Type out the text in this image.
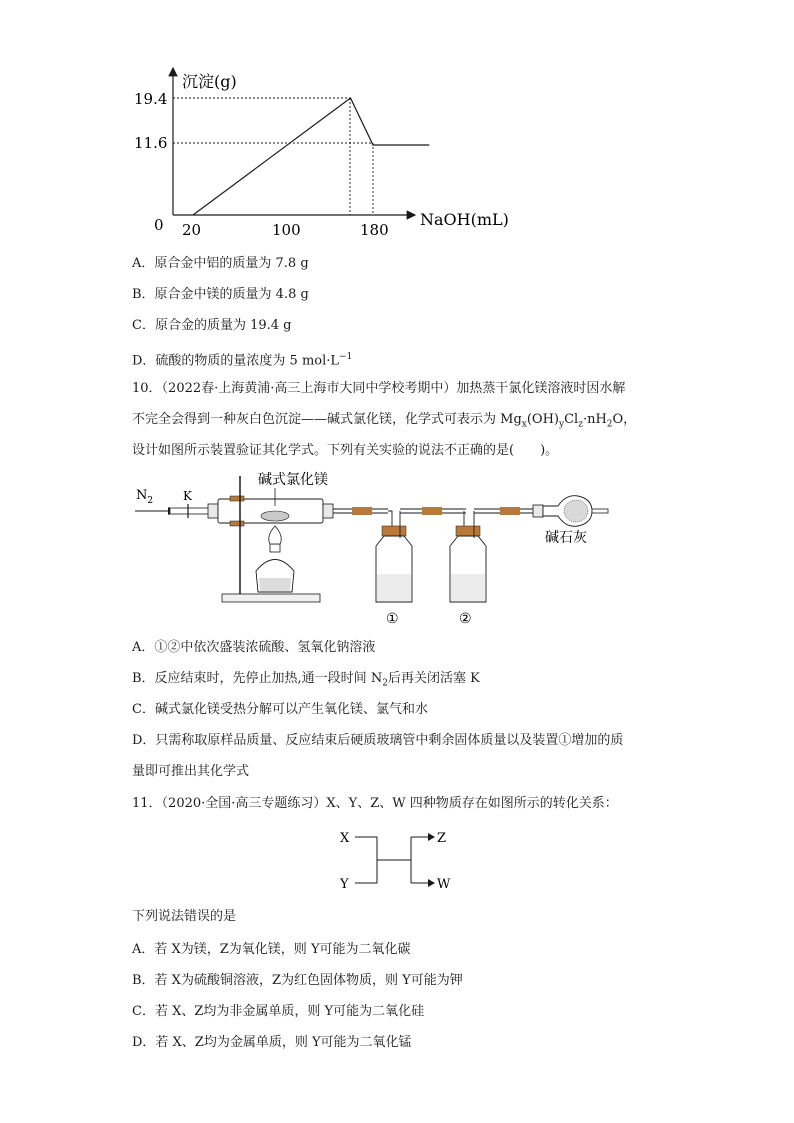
沉淀(g)
NaOH(mL)
0
19.4
11.6
20	100	180
A．原合金中铝的质量为 7.8 g
B．原合金中镁的质量为 4.8 g
C．原合金的质量为 19.4 g
D．硫酸的物质的量浓度为 5 $mol\cdot L^{-1}$
10．（2022春·上海黄浦·高三上海市大同中学校考期中）加热蒸干氯化镁溶液时因水解
不完全会得到一种灰白色沉淀——碱式氯化镁，化学式可表示为 $Mg_x(OH)_yCl_z\cdot nH_2O$，
设计如图所示装置验证其化学式。下列有关实验的说法不正确的是(　　)。
$N_2$ K
碱式氯化镁
①	②
碱石灰
A．①②中依次盛装浓硫酸、氢氧化钠溶液
B．反应结束时，先停止加热,通一段时间 $N_2$后再关闭活塞 K
C．碱式氯化镁受热分解可以产生氧化镁、氯气和水
D．只需称取原样品质量、反应结束后硬质玻璃管中剩余固体质量以及装置①增加的质
量即可推出其化学式
11．（2020·全国·高三专题练习）X、Y、Z、W 四种物质存在如图所示的转化关系：
X
Y
Z
W
下列说法错误的是
A．若 X为镁，Z为氧化镁，则 Y可能为二氧化碳
B．若 X为硫酸铜溶液，Z为红色固体物质，则 Y可能为钾
C．若 X、Z均为非金属单质，则 Y可能为二氧化硅
D．若 X、Z均为金属单质，则 Y可能为二氧化锰
